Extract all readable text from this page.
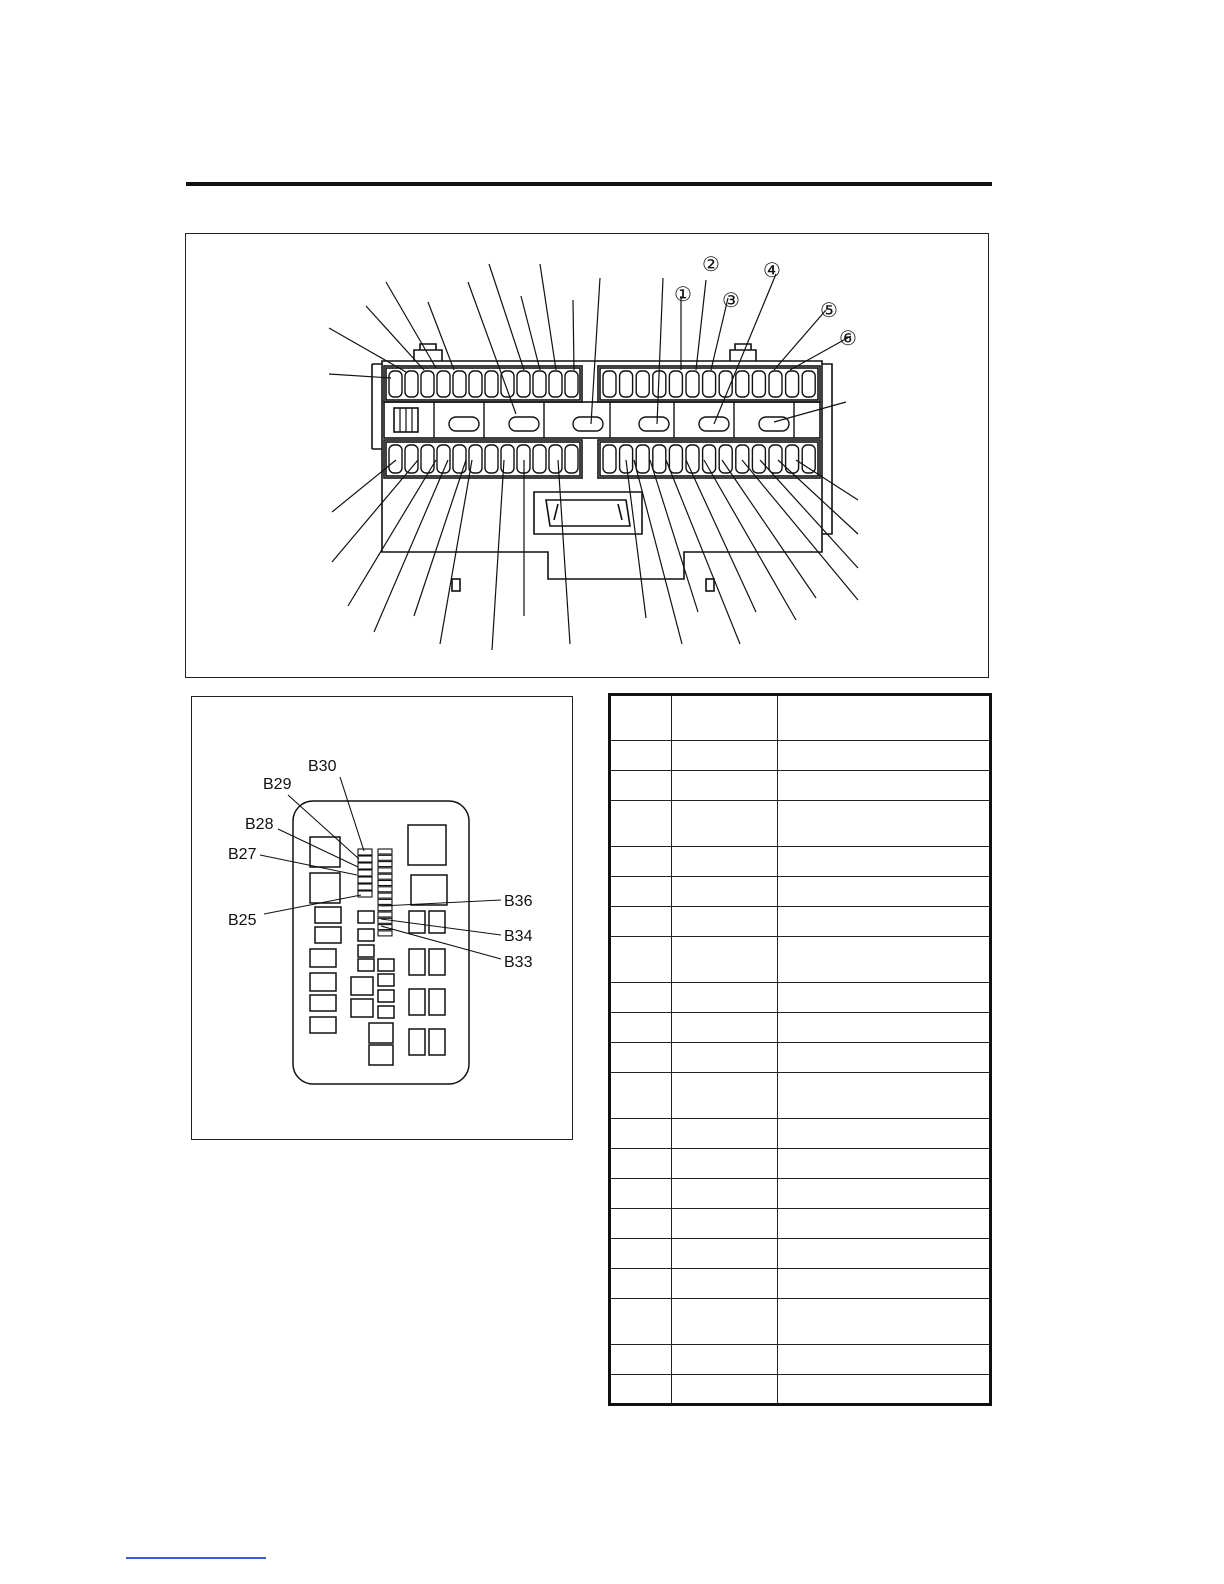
①
②
③
④
⑤
⑥
B30
B29
B28
B27
B25
B36
B34
B33
